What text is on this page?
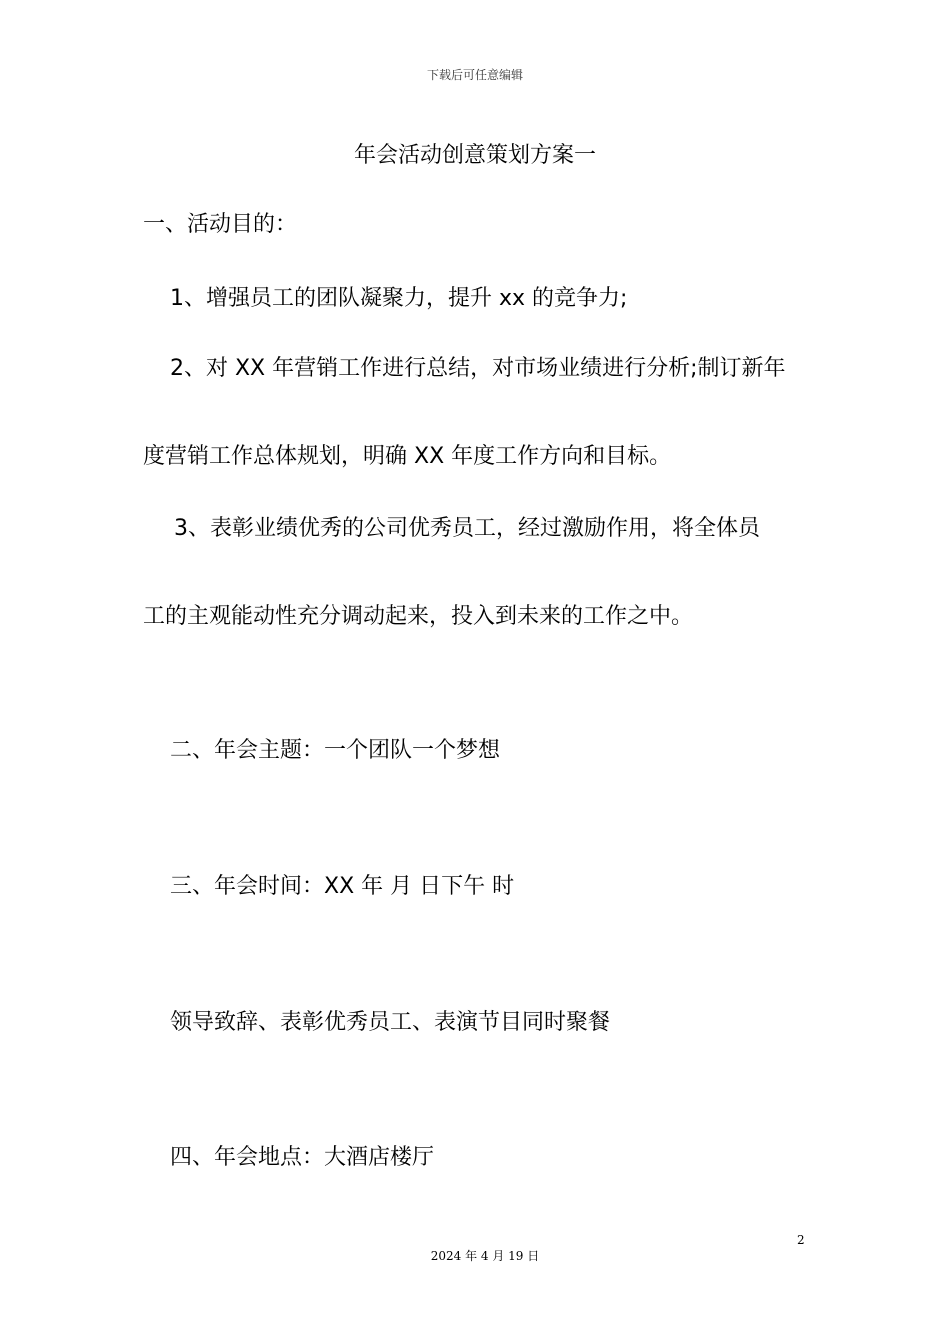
下载后可任意编辑
年会活动创意策划方案一
一、活动目的：
1、增强员工的团队凝聚力，提升 xx 的竞争力;
2、对 XX 年营销工作进行总结，对市场业绩进行分析;制订新年
度营销工作总体规划，明确 XX 年度工作方向和目标。
3、表彰业绩优秀的公司优秀员工，经过激励作用，将全体员
工的主观能动性充分调动起来，投入到未来的工作之中。
二、年会主题：一个团队一个梦想
三、年会时间：XX 年 月 日下午 时
领导致辞、表彰优秀员工、表演节目同时聚餐
四、年会地点：大酒店楼厅
2
2024 年 4 月 19 日
